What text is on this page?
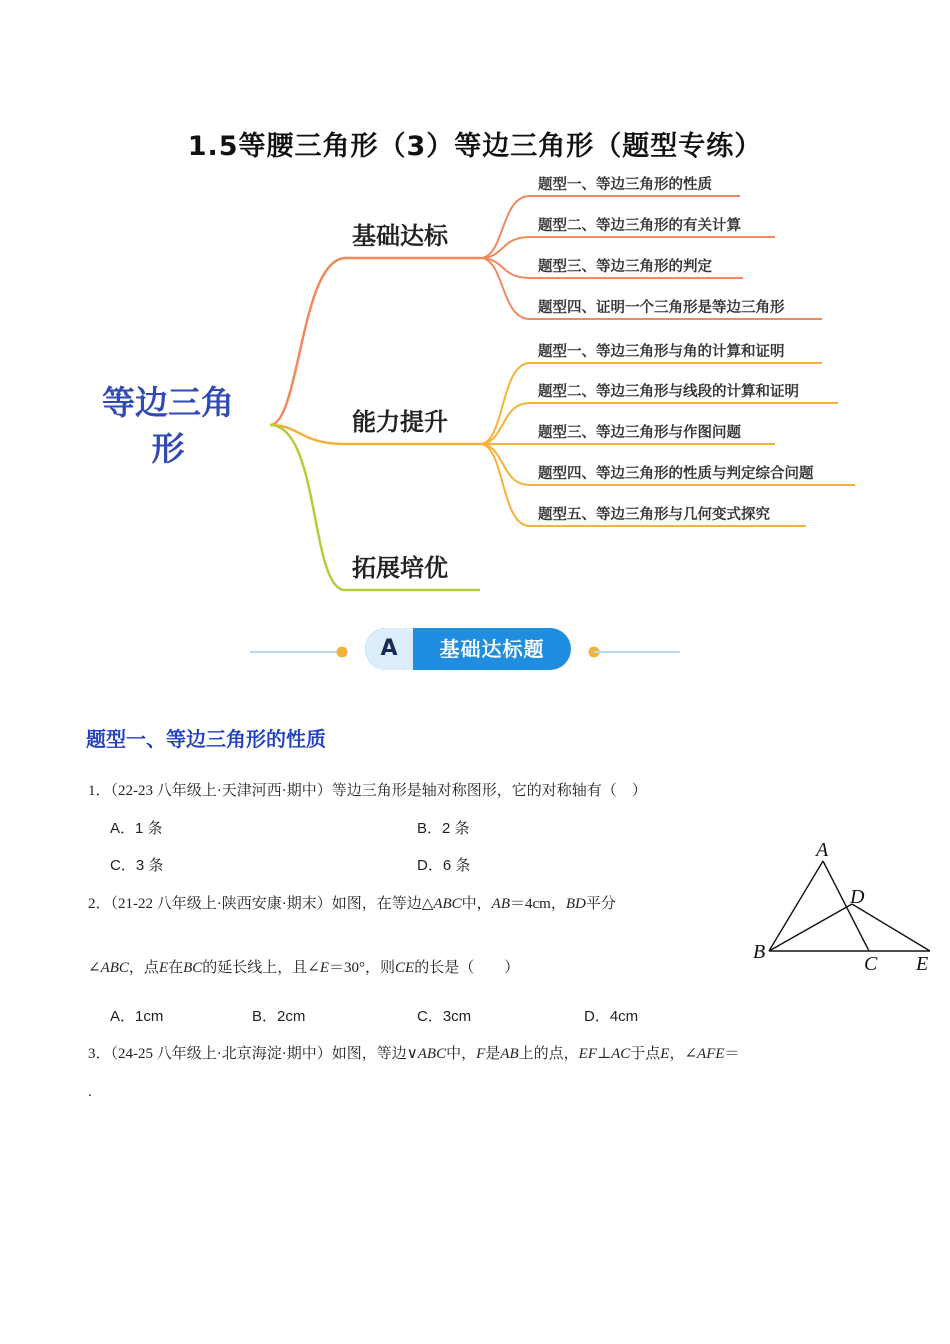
1.5等腰三角形（3）等边三角形（题型专练）
等边三角形
基础达标
能力提升
拓展培优
题型一、等边三角形的性质
题型二、等边三角形的有关计算
题型三、等边三角形的判定
题型四、证明一个三角形是等边三角形
题型一、等边三角形与角的计算和证明
题型二、等边三角形与线段的计算和证明
题型三、等边三角形与作图问题
题型四、等边三角形的性质与判定综合问题
题型五、等边三角形与几何变式探究
A	基础达标题
题型一、等边三角形的性质
1．（22-23 八年级上·天津河西·期中）等边三角形是轴对称图形，它的对称轴有（　）
A．1 条	B．2 条
C．3 条	D．6 条
2．（21-22 八年级上·陕西安康·期末）如图，在等边△ABC中，AB＝4cm，BD平分
∠ABC，点E在BC的延长线上，且∠E＝30°，则CE的长是（　　）
A．1cm	B．2cm	C．3cm	D．4cm
A
D
B
C E
3．（24-25 八年级上·北京海淀·期中）如图，等边∨ABC中，F是AB上的点，EF⊥AC于点E，∠AFE＝
.
